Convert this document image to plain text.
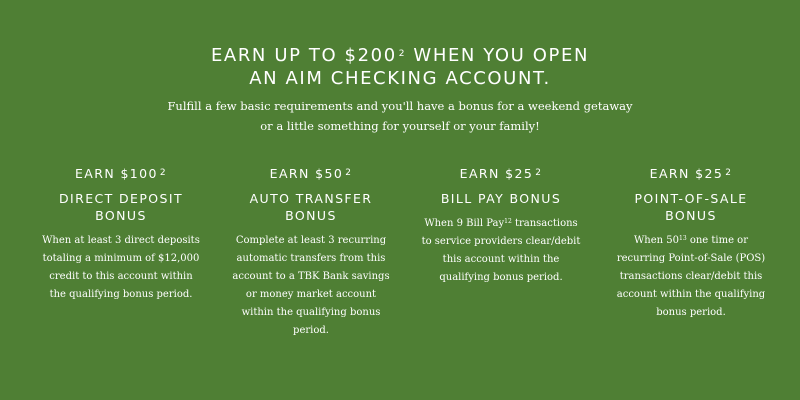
EARN UP TO $200 $^2$ WHEN YOU OPEN
AN AIM CHECKING ACCOUNT.

Fulfill a few basic requirements and you'll have a bonus for a weekend getaway
or a little something for yourself or your family!

EARN $100 $^2$
DIRECT DEPOSIT
BONUS
When at least 3 direct deposits totaling a minimum of $12,000 credit to this account within the qualifying bonus period.
EARN $50 $^2$
AUTO TRANSFER
BONUS
Complete at least 3 recurring automatic transfers from this account to a TBK Bank savings or money market account within the qualifying bonus period.
EARN $25 $^2$
BILL PAY BONUS
When 9 Bill Pay$^{12}$ transactions to service providers clear/debit this account within the qualifying bonus period.
EARN $25 $^2$
POINT-OF-SALE
BONUS
When $50^{13}$ one time or recurring Point-of-Sale (POS) transactions clear/debit this account within the qualifying bonus period.
